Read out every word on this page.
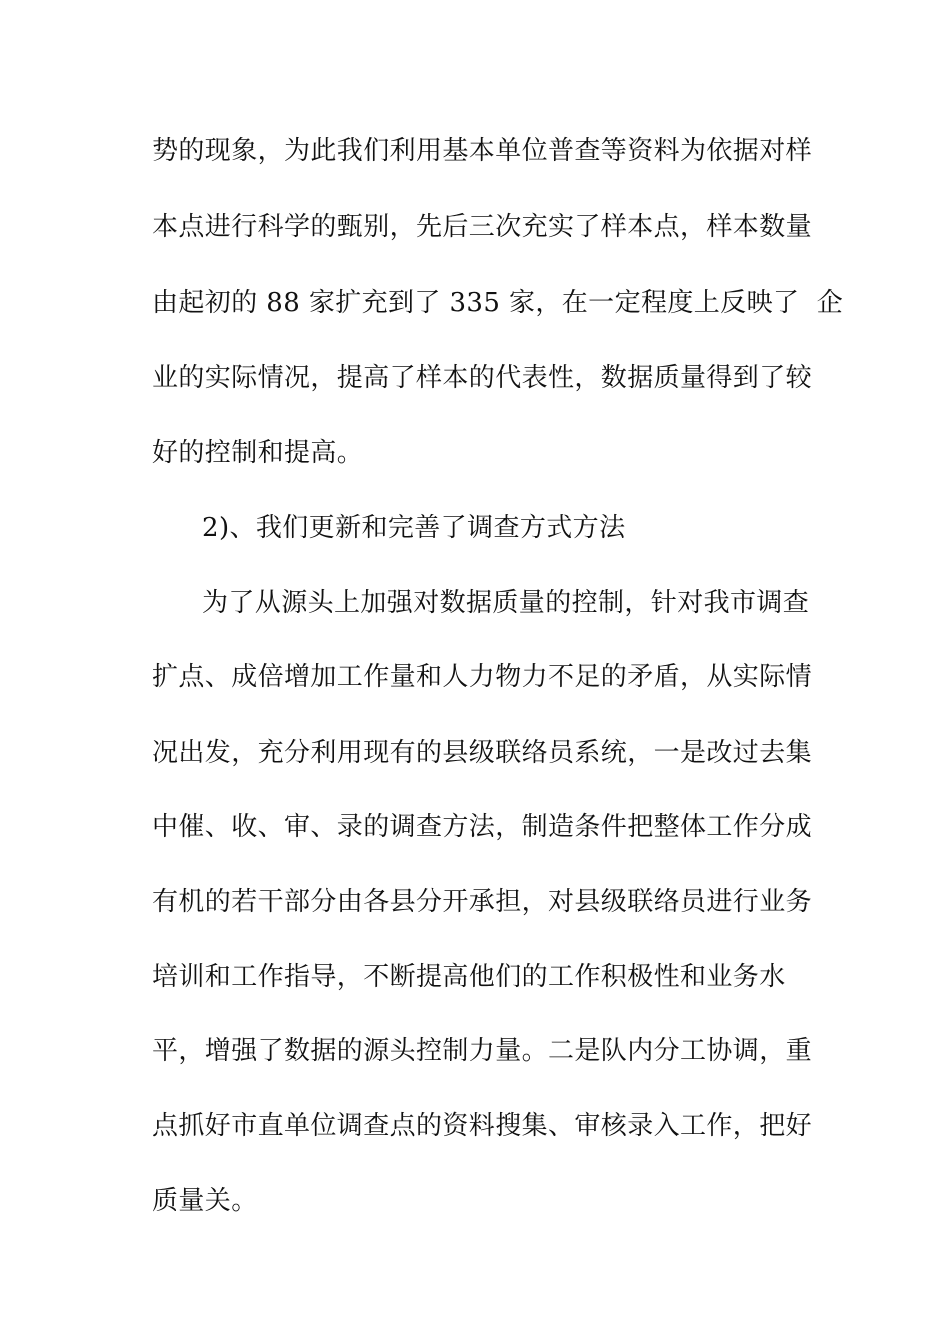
势的现象，为此我们利用基本单位普查等资料为依据对样
本点进行科学的甄别，先后三次充实了样本点，样本数量
由起初的 88 家扩充到了 335 家，在一定程度上反映了  企
业的实际情况，提高了样本的代表性，数据质量得到了较
好的控制和提高。
2)、我们更新和完善了调查方式方法
为了从源头上加强对数据质量的控制，针对我市调查
扩点、成倍增加工作量和人力物力不足的矛盾，从实际情
况出发，充分利用现有的县级联络员系统，一是改过去集
中催、收、审、录的调查方法，制造条件把整体工作分成
有机的若干部分由各县分开承担，对县级联络员进行业务
培训和工作指导，不断提高他们的工作积极性和业务水
平，增强了数据的源头控制力量。二是队内分工协调，重
点抓好市直单位调查点的资料搜集、审核录入工作，把好
质量关。
